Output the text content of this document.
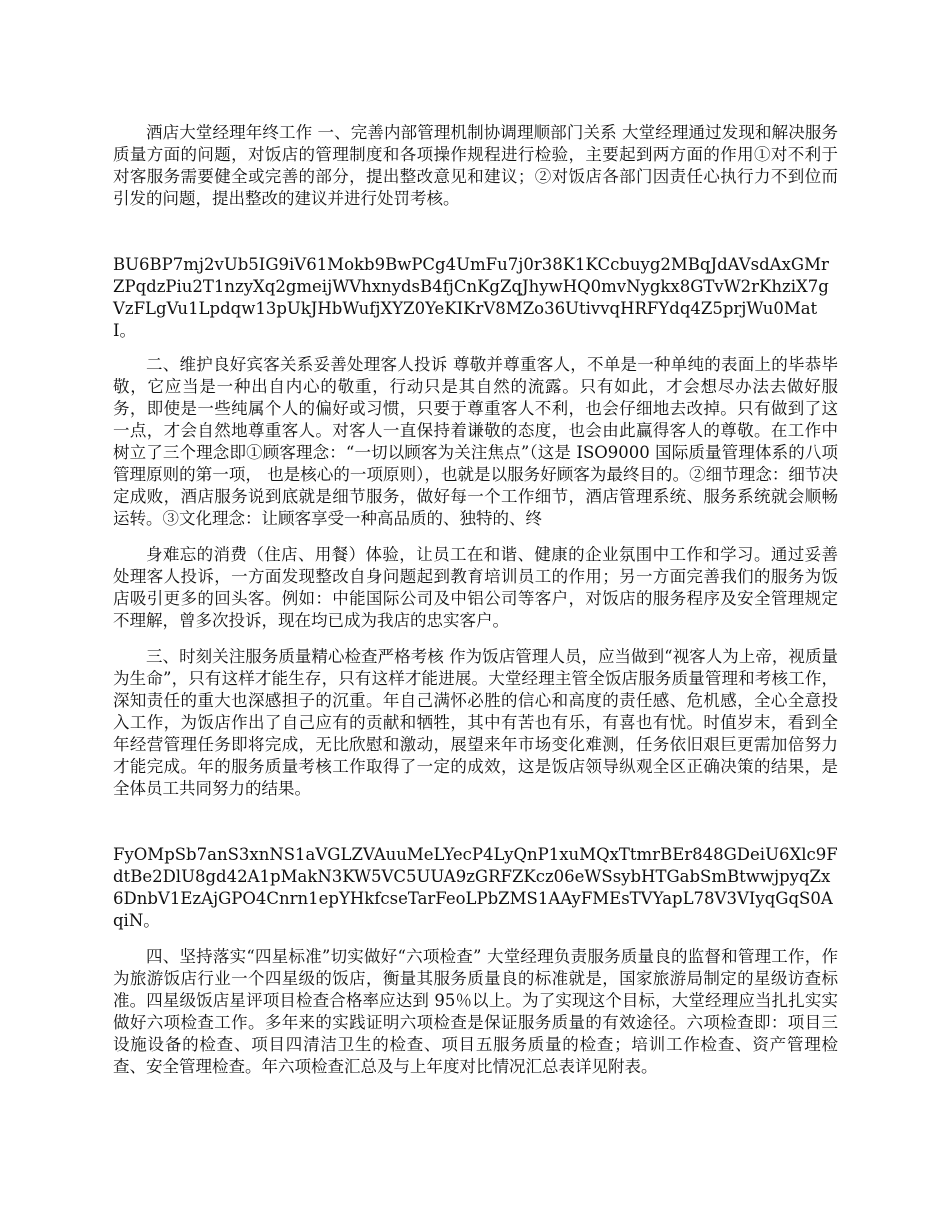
酒店大堂经理年终工作 一、完善内部管理机制协调理顺部门关系 大堂经理通过发现和解决服务质量方面的问题，对饭店的管理制度和各项操作规程进行检验，主要起到两方面的作用①对不利于对客服务需要健全或完善的部分，提出整改意见和建议；②对饭店各部门因责任心执行力不到位而引发的问题，提出整改的建议并进行处罚考核。

BU6BP7mj2vUb5IG9iV61Mokb9BwPCg4UmFu7j0r38K1KCcbuyg2MBqJdAVsdAxGMrZPqdzPiu2T1nzyXq2gmeijWVhxnydsB4fjCnKgZqJhywHQ0mvNygkx8GTvW2rKhziX7gVzFLgVu1Lpdqw13pUkJHbWufjXYZ0YeKIKrV8MZo36UtivvqHRFYdq4Z5prjWu0MatI。

二、维护良好宾客关系妥善处理客人投诉 尊敬并尊重客人，不单是一种单纯的表面上的毕恭毕敬，它应当是一种出自内心的敬重，行动只是其自然的流露。只有如此，才会想尽办法去做好服务，即使是一些纯属个人的偏好或习惯，只要于尊重客人不利，也会仔细地去改掉。只有做到了这一点，才会自然地尊重客人。对客人一直保持着谦敬的态度，也会由此赢得客人的尊敬。在工作中树立了三个理念即①顾客理念：“一切以顾客为关注焦点”（这是 ISO9000 国际质量管理体系的八项管理原则的第一项， 也是核心的一项原则），也就是以服务好顾客为最终目的。②细节理念：细节决定成败，酒店服务说到底就是细节服务，做好每一个工作细节，酒店管理系统、服务系统就会顺畅运转。③文化理念：让顾客享受一种高品质的、独特的、终

身难忘的消费（住店、用餐）体验，让员工在和谐、健康的企业氛围中工作和学习。通过妥善处理客人投诉，一方面发现整改自身问题起到教育培训员工的作用；另一方面完善我们的服务为饭店吸引更多的回头客。例如：中能国际公司及中铝公司等客户，对饭店的服务程序及安全管理规定不理解，曾多次投诉，现在均已成为我店的忠实客户。

三、时刻关注服务质量精心检查严格考核 作为饭店管理人员，应当做到“视客人为上帝，视质量为生命”，只有这样才能生存，只有这样才能进展。大堂经理主管全饭店服务质量管理和考核工作，深知责任的重大也深感担子的沉重。年自己满怀必胜的信心和高度的责任感、危机感，全心全意投入工作，为饭店作出了自己应有的贡献和牺牲，其中有苦也有乐，有喜也有忧。时值岁末，看到全年经营管理任务即将完成，无比欣慰和激动，展望来年市场变化难测，任务依旧艰巨更需加倍努力才能完成。年的服务质量考核工作取得了一定的成效，这是饭店领导纵观全区正确决策的结果，是全体员工共同努力的结果。

FyOMpSb7anS3xnNS1aVGLZVAuuMeLYecP4LyQnP1xuMQxTtmrBEr848GDeiU6Xlc9FdtBe2DlU8gd42A1pMakN3KW5VC5UUA9zGRFZKcz06eWSsybHTGabSmBtwwjpyqZx6DnbV1EzAjGPO4Cnrn1epYHkfcseTarFeoLPbZMS1AAyFMEsTVYapL78V3VIyqGqS0AqiN。

四、坚持落实“四星标准”切实做好“六项检查” 大堂经理负责服务质量良的监督和管理工作，作为旅游饭店行业一个四星级的饭店，衡量其服务质量良的标准就是，国家旅游局制定的星级访查标准。四星级饭店星评项目检查合格率应达到 95％以上。为了实现这个目标，大堂经理应当扎扎实实做好六项检查工作。多年来的实践证明六项检查是保证服务质量的有效途径。六项检查即：项目三设施设备的检查、项目四清洁卫生的检查、项目五服务质量的检查；培训工作检查、资产管理检查、安全管理检查。年六项检查汇总及与上年度对比情况汇总表详见附表。
